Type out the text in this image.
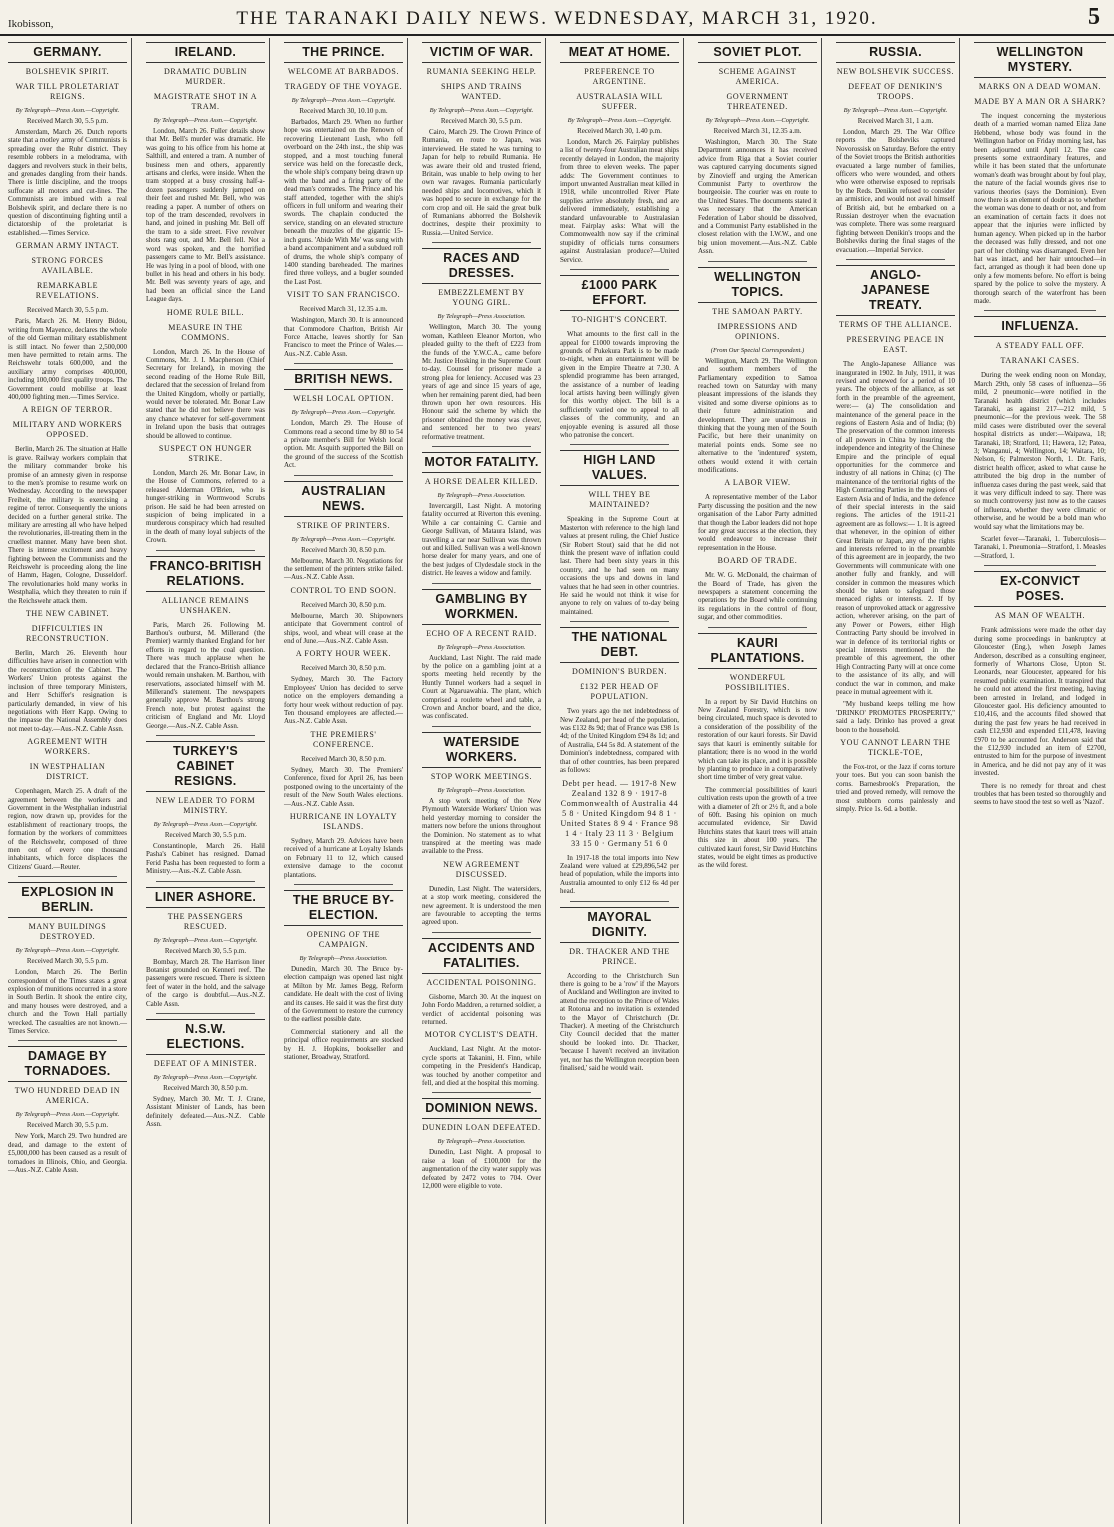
Ikobisson,	THE TARANAKI DAILY NEWS. WEDNESDAY, MARCH 31, 1920.	5
GERMANY.
BOLSHEVIK SPIRIT.
WAR TILL PROLETARIAT REIGNS.
By Telegraph—Press Assn.—Copyright.
Received March 30, 5.5 p.m.
Amsterdam, March 26. Dutch reports state that a motley army of Communists is spreading over the Ruhr district. They resemble robbers in a melodrama, with daggers and revolvers stuck in their belts, and grenades dangling from their hands. There is little discipline, and the troops suffocate all motors and cut-lines. The Communists are imbued with a real Bolshevik spirit, and declare there is no question of discontinuing fighting until a dictatorship of the proletariat is established.—Times Service.
GERMAN ARMY INTACT.
STRONG FORCES AVAILABLE.
REMARKABLE REVELATIONS.
Received March 30, 5.5 p.m.
Paris, March 26. M. Henry Bidou, writing from Mayence, declares the whole of the old German military establishment is still intact. No fewer than 2,500,000 men have permitted to retain arms. The Reichswehr totals 600,000, and the auxiliary army comprises 400,000, including 100,000 first quality troops. The Government could mobilise at least 400,000 fighting men.—Times Service.
A REIGN OF TERROR.
MILITARY AND WORKERS OPPOSED.
Berlin, March 26. The situation at Halle is grave. Railway workers complain that the military commander broke his promise of an amnesty given in response to the men's promise to resume work on Wednesday. According to the newspaper Freiheit, the military is exercising a regime of terror. Consequently the unions decided on a further general strike. The military are arresting all who have helped the revolutionaries, ill-treating them in the cruellest manner. Many have been shot. There is intense excitement and heavy fighting between the Communists and the Reichswehr is proceeding along the line of Hamm, Hagen, Cologne, Dusseldorf. The revolutionaries hold many works in Westphalia, which they threaten to ruin if the Reichswehr attack them.
THE NEW CABINET.
DIFFICULTIES IN RECONSTRUCTION.
Berlin, March 26. Eleventh hour difficulties have arisen in connection with the reconstruction of the Cabinet. The Workers' Union protests against the inclusion of three temporary Ministers, and Herr Schiffer's resignation is particularly demanded, in view of his negotiations with Herr Kapp. Owing to the impasse the National Assembly does not meet to-day.—Aus.-N.Z. Cable Assn.
AGREEMENT WITH WORKERS.
IN WESTPHALIAN DISTRICT.
Copenhagen, March 25. A draft of the agreement between the workers and Government in the Westphalian industrial region, now drawn up, provides for the establishment of reactionary troops, the formation by the workers of committees of the Reichswehr, composed of three men out of every one thousand inhabitants, which force displaces the Citizens' Guard.—Reuter.
EXPLOSION IN BERLIN.
MANY BUILDINGS DESTROYED.
By Telegraph—Press Assn.—Copyright.
Received March 30, 5.5 p.m.
London, March 26. The Berlin correspondent of the Times states a great explosion of munitions occurred in a store in South Berlin. It shook the entire city, and many houses were destroyed, and a church and the Town Hall partially wrecked. The casualties are not known.—Times Service.
DAMAGE BY TORNADOES.
TWO HUNDRED DEAD IN AMERICA.
By Telegraph—Press Assn.—Copyright.
Received March 30, 5.5 p.m.
New York, March 29. Two hundred are dead, and damage to the extent of £5,000,000 has been caused as a result of tornadoes in Illinois, Ohio, and Georgia.—Aus.-N.Z. Cable Assn.
IRELAND.
DRAMATIC DUBLIN MURDER.
MAGISTRATE SHOT IN A TRAM.
By Telegraph—Press Assn.—Copyright.
London, March 26. Fuller details show that Mr. Bell's murder was dramatic. He was going to his office from his home at Salthill, and entered a tram. A number of business men and others, apparently artisans and clerks, were inside. When the tram stopped at a busy crossing half-a-dozen passengers suddenly jumped on their feet and rushed Mr. Bell, who was reading a paper. A number of others on top of the tram descended, revolvers in hand, and joined in pushing Mr. Bell off the tram to a side street. Five revolver shots rang out, and Mr. Bell fell. Not a word was spoken, and the horrified passengers came to Mr. Bell's assistance. He was lying in a pool of blood, with one bullet in his head and others in his body. Mr. Bell was seventy years of age, and had been an official since the Land League days.
HOME RULE BILL.
MEASURE IN THE COMMONS.
London, March 26. In the House of Commons, Mr. J. I. Macpherson (Chief Secretary for Ireland), in moving the second reading of the Home Rule Bill, declared that the secession of Ireland from the United Kingdom, wholly or partially, would never be tolerated. Mr. Bonar Law stated that he did not believe there was any chance whatever for self-government in Ireland upon the basis that outrages should be allowed to continue.
SUSPECT ON HUNGER STRIKE.
London, March 26. Mr. Bonar Law, in the House of Commons, referred to a released Alderman O'Brien, who is hunger-striking in Wormwood Scrubs prison. He said he had been arrested on suspicion of being implicated in a murderous conspiracy which had resulted in the death of many loyal subjects of the Crown.
FRANCO-BRITISH RELATIONS.
ALLIANCE REMAINS UNSHAKEN.
Paris, March 26. Following M. Barthou's outburst, M. Millerand (the Premier) warmly thanked England for her efforts in regard to the coal question. There was much applause when he declared that the Franco-British alliance would remain unshaken. M. Barthou, with reservations, associated himself with M. Millerand's statement. The newspapers generally approve M. Barthou's strong French note, but protest against the criticism of England and Mr. Lloyd George.—Aus.-N.Z. Cable Assn.
TURKEY'S CABINET RESIGNS.
NEW LEADER TO FORM MINISTRY.
By Telegraph—Press Assn.—Copyright.
Received March 30, 5.5 p.m.
Constantinople, March 26. Halil Pasha's Cabinet has resigned. Damad Ferid Pasha has been requested to form a Ministry.—Aus.-N.Z. Cable Assn.
LINER ASHORE.
THE PASSENGERS RESCUED.
By Telegraph—Press Assn.—Copyright.
Received March 30, 5.5 p.m.
Bombay, March 28. The Harrison liner Botanist grounded on Kenneri reef. The passengers were rescued. There is sixteen feet of water in the hold, and the salvage of the cargo is doubtful.—Aus.-N.Z. Cable Assn.
N.S.W. ELECTIONS.
DEFEAT OF A MINISTER.
By Telegraph—Press Assn.—Copyright.
Received March 30, 8.50 p.m.
Sydney, March 30. Mr. T. J. Crane, Assistant Minister of Lands, has been definitely defeated.—Aus.-N.Z. Cable Assn.
THE PRINCE.
WELCOME AT BARBADOS.
TRAGEDY OF THE VOYAGE.
By Telegraph—Press Assn.—Copyright.
Received March 30, 10.10 p.m.
Barbados, March 29. When no further hope was entertained on the Renown of recovering Lieutenant Lush, who fell overboard on the 24th inst., the ship was stopped, and a most touching funeral service was held on the forecastle deck, the whole ship's company being drawn up with the band and a firing party of the dead man's comrades. The Prince and his staff attended, together with the ship's officers in full uniform and wearing their swords. The chaplain conducted the service, standing on an elevated structure beneath the muzzles of the gigantic 15-inch guns. 'Abide With Me' was sung with a band accompaniment and a subdued roll of drums, the whole ship's company of 1400 standing bareheaded. The marines fired three volleys, and a bugler sounded the Last Post.
VISIT TO SAN FRANCISCO.
Received March 31, 12.35 a.m.
Washington, March 30. It is announced that Commodore Charlton, British Air Force Attache, leaves shortly for San Francisco to meet the Prince of Wales.—Aus.-N.Z. Cable Assn.
BRITISH NEWS.
WELSH LOCAL OPTION.
By Telegraph—Press Assn.—Copyright.
London, March 29. The House of Commons read a second time by 80 to 54 a private member's Bill for Welsh local option. Mr. Asquith supported the Bill on the ground of the success of the Scottish Act.
AUSTRALIAN NEWS.
STRIKE OF PRINTERS.
By Telegraph—Press Assn.—Copyright.
Received March 30, 8.50 p.m.
Melbourne, March 30. Negotiations for the settlement of the printers strike failed.—Aus.-N.Z. Cable Assn.
CONTROL TO END SOON.
Received March 30, 8.50 p.m.
Melbourne, March 30. Shipowners anticipate that Government control of ships, wool, and wheat will cease at the end of June.—Aus.-N.Z. Cable Assn.
A FORTY HOUR WEEK.
Received March 30, 8.50 p.m.
Sydney, March 30. The Factory Employees' Union has decided to serve notice on the employers demanding a forty hour week without reduction of pay. Ten thousand employees are affected.—Aus.-N.Z. Cable Assn.
THE PREMIERS' CONFERENCE.
Received March 30, 8.50 p.m.
Sydney, March 30. The Premiers' Conference, fixed for April 26, has been postponed owing to the uncertainty of the result of the New South Wales elections.—Aus.-N.Z. Cable Assn.
HURRICANE IN LOYALTY ISLANDS.
Sydney, March 29. Advices have been received of a hurricane at Loyalty Islands on February 11 to 12, which caused extensive damage to the coconut plantations.
THE BRUCE BY-ELECTION.
OPENING OF THE CAMPAIGN.
By Telegraph—Press Association.
Dunedin, March 30. The Bruce by-election campaign was opened last night at Milton by Mr. James Begg, Reform candidate. He dealt with the cost of living and its causes. He said it was the first duty of the Government to restore the currency to the earliest possible date.
Commercial stationery and all the principal office requirements are stocked by H. J. Hopkins, bookseller and stationer, Broadway, Stratford.
VICTIM OF WAR.
RUMANIA SEEKING HELP.
SHIPS AND TRAINS WANTED.
By Telegraph—Press Assn.—Copyright.
Received March 30, 5.5 p.m.
Cairo, March 29. The Crown Prince of Rumania, en route to Japan, was interviewed. He stated he was turning to Japan for help to rebuild Rumania. He was aware their old and trusted friend, Britain, was unable to help owing to her own war ravages. Rumania particularly needed ships and locomotives, which it was hoped to secure in exchange for the corn crop and oil. He said the great bulk of Rumanians abhorred the Bolshevik doctrines, despite their proximity to Russia.—United Service.
RACES AND DRESSES.
EMBEZZLEMENT BY YOUNG GIRL.
By Telegraph—Press Association.
Wellington, March 30. The young woman, Kathleen Eleanor Morton, who pleaded guilty to the theft of £223 from the funds of the Y.W.C.A., came before Mr. Justice Hosking in the Supreme Court to-day. Counsel for prisoner made a strong plea for leniency. Accused was 23 years of age and since 15 years of age, when her remaining parent died, had been thrown upon her own resources. His Honour said the scheme by which the prisoner obtained the money was clever, and sentenced her to two years' reformative treatment.
MOTOR FATALITY.
A HORSE DEALER KILLED.
By Telegraph—Press Association.
Invercargill, Last Night. A motoring fatality occurred at Riverton this evening. While a car containing C. Carnie and George Sullivan, of Mataura Island, was travelling a car near Sullivan was thrown out and killed. Sullivan was a well-known horse dealer for many years, and one of the best judges of Clydesdale stock in the district. He leaves a widow and family.
GAMBLING BY WORKMEN.
ECHO OF A RECENT RAID.
By Telegraph—Press Association.
Auckland, Last Night. The raid made by the police on a gambling joint at a sports meeting held recently by the Huntly Tunnel workers had a sequel in Court at Ngaruawahia. The plant, which comprised a roulette wheel and table, a Crown and Anchor board, and the dice, was confiscated.
WATERSIDE WORKERS.
STOP WORK MEETINGS.
By Telegraph—Press Association.
A stop work meeting of the New Plymouth Waterside Workers' Union was held yesterday morning to consider the matters now before the unions throughout the Dominion. No statement as to what transpired at the meeting was made available to the Press.
NEW AGREEMENT DISCUSSED.
Dunedin, Last Night. The watersiders, at a stop work meeting, considered the new agreement. It is understood the men are favourable to accepting the terms agreed upon.
ACCIDENTS AND FATALITIES.
ACCIDENTAL POISONING.
Gisborne, March 30. At the inquest on John Fordo Maddren, a returned soldier, a verdict of accidental poisoning was returned.
MOTOR CYCLIST'S DEATH.
Auckland, Last Night. At the motor-cycle sports at Takanini, H. Finn, while competing in the President's Handicap, was touched by another competitor and fell, and died at the hospital this morning.
DOMINION NEWS.
DUNEDIN LOAN DEFEATED.
By Telegraph—Press Association.
Dunedin, Last Night. A proposal to raise a loan of £100,000 for the augmentation of the city water supply was defeated by 2472 votes to 704. Over 12,000 were eligible to vote.
MEAT AT HOME.
PREFERENCE TO ARGENTINE.
AUSTRALASIA WILL SUFFER.
By Telegraph—Press Assn.—Copyright.
Received March 30, 1.40 p.m.
London, March 26. Fairplay publishes a list of twenty-four Australian meat ships recently delayed in London, the majority from three to eleven weeks. The paper adds: The Government continues to import unwanted Australian meat killed in 1918, while uncontrolled River Plate supplies arrive absolutely fresh, and are delivered immediately, establishing a standard unfavourable to Australasian meat. Fairplay asks: What will the Commonwealth now say if the criminal stupidity of officials turns consumers against Australasian produce?—United Service.
£1000 PARK EFFORT.
TO-NIGHT'S CONCERT.
What amounts to the first call in the appeal for £1000 towards improving the grounds of Pukekura Park is to be made to-night, when an entertainment will be given in the Empire Theatre at 7.30. A splendid programme has been arranged, the assistance of a number of leading local artists having been willingly given for this worthy object. The bill is a sufficiently varied one to appeal to all classes of the community, and an enjoyable evening is assured all those who patronise the concert.
HIGH LAND VALUES.
WILL THEY BE MAINTAINED?
Speaking in the Supreme Court at Masterton with reference to the high land values at present ruling, the Chief Justice (Sir Robert Stout) said that he did not think the present wave of inflation could last. There had been sixty years in this country, and he had seen on many occasions the ups and downs in land values that he had seen in other countries. He said he would not think it wise for anyone to rely on values of to-day being maintained.
THE NATIONAL DEBT.
DOMINION'S BURDEN.
£132 PER HEAD OF POPULATION.
Two years ago the net indebtedness of New Zealand, per head of the population, was £132 8s 9d; that of France was £98 1s 4d; of the United Kingdom £94 8s 1d; and of Australia, £44 5s 8d. A statement of the Dominion's indebtedness, compared with that of other countries, has been prepared as follows:
Debt per head. — 1917-8 New Zealand 132 8 9 · 1917-8 Commonwealth of Australia 44 5 8 · United Kingdom 94 8 1 · United States 8 9 4 · France 98 1 4 · Italy 23 11 3 · Belgium 33 15 0 · Germany 51 6 0
In 1917-18 the total imports into New Zealand were valued at £29,896,542 per head of population, while the imports into Australia amounted to only £12 6s 4d per head.
MAYORAL DIGNITY.
DR. THACKER AND THE PRINCE.
According to the Christchurch Sun there is going to be a 'row' if the Mayors of Auckland and Wellington are invited to attend the reception to the Prince of Wales at Rotorua and no invitation is extended to the Mayor of Christchurch (Dr. Thacker). A meeting of the Christchurch City Council decided that the matter should be looked into. Dr. Thacker, 'because I haven't received an invitation yet, nor has the Wellington reception been finalised,' said he would wait.
SOVIET PLOT.
SCHEME AGAINST AMERICA.
GOVERNMENT THREATENED.
By Telegraph—Press Assn.—Copyright.
Received March 31, 12.35 a.m.
Washington, March 30. The State Department announces it has received advice from Riga that a Soviet courier was captured carrying documents signed by Zinovieff and urging the American Communist Party to overthrow the bourgeoisie. The courier was en route to the United States. The documents stated it was necessary that the American Federation of Labor should be dissolved, and a Communist Party established in the closest relation with the I.W.W., and one big union movement.—Aus.-N.Z. Cable Assn.
WELLINGTON TOPICS.
THE SAMOAN PARTY.
IMPRESSIONS AND OPINIONS.
(From Our Special Correspondent.)
Wellington, March 29. The Wellington and southern members of the Parliamentary expedition to Samoa reached town on Saturday with many pleasant impressions of the islands they visited and some diverse opinions as to their future administration and development. They are unanimous in thinking that the young men of the South Pacific, but here their unanimity on material points ends. Some see no alternative to the 'indentured' system, others would extend it with certain modifications.
A LABOR VIEW.
A representative member of the Labor Party discussing the position and the new organisation of the Labor Party admitted that though the Labor leaders did not hope for any great success at the election, they would endeavour to increase their representation in the House.
BOARD OF TRADE.
Mr. W. G. McDonald, the chairman of the Board of Trade, has given the newspapers a statement concerning the operations by the Board while continuing its regulations in the control of flour, sugar, and other commodities.
KAURI PLANTATIONS.
WONDERFUL POSSIBILITIES.
In a report by Sir David Hutchins on New Zealand Forestry, which is now being circulated, much space is devoted to a consideration of the possibility of the restoration of our kauri forests. Sir David says that kauri is eminently suitable for plantation; there is no wood in the world which can take its place, and it is possible by planting to produce in a comparatively short time timber of very great value.
The commercial possibilities of kauri cultivation rests upon the growth of a tree with a diameter of 2ft or 2½ ft, and a bole of 60ft. Basing his opinion on much accumulated evidence, Sir David Hutchins states that kauri trees will attain this size in about 100 years. The cultivated kauri forest, Sir David Hutchins states, would be eight times as productive as the wild forest.
RUSSIA.
NEW BOLSHEVIK SUCCESS.
DEFEAT OF DENIKIN'S TROOPS.
By Telegraph—Press Assn.—Copyright.
Received March 31, 1 a.m.
London, March 29. The War Office reports the Bolsheviks captured Novorossisk on Saturday. Before the entry of the Soviet troops the British authorities evacuated a large number of families, officers who were wounded, and others who were otherwise exposed to reprisals by the Reds. Denikin refused to consider an armistice, and would not avail himself of British aid, but he embarked on a Russian destroyer when the evacuation was complete. There was some rearguard fighting between Denikin's troops and the Bolsheviks during the final stages of the evacuation.—Imperial Service.
ANGLO-JAPANESE TREATY.
TERMS OF THE ALLIANCE.
PRESERVING PEACE IN EAST.
The Anglo-Japanese Alliance was inaugurated in 1902. In July, 1911, it was revised and renewed for a period of 10 years. The objects of the alliance, as set forth in the preamble of the agreement, were:— (a) The consolidation and maintenance of the general peace in the regions of Eastern Asia and of India; (b) The preservation of the common interests of all powers in China by insuring the independence and integrity of the Chinese Empire and the principle of equal opportunities for the commerce and industry of all nations in China; (c) The maintenance of the territorial rights of the High Contracting Parties in the regions of Eastern Asia and of India, and the defence of their special interests in the said regions. The articles of the 1911-21 agreement are as follows:— 1. It is agreed that whenever, in the opinion of either Great Britain or Japan, any of the rights and interests referred to in the preamble of this agreement are in jeopardy, the two Governments will communicate with one another fully and frankly, and will consider in common the measures which should be taken to safeguard those menaced rights or interests. 2. If by reason of unprovoked attack or aggressive action, wherever arising, on the part of any Power or Powers, either High Contracting Party should be involved in war in defence of its territorial rights or special interests mentioned in the preamble of this agreement, the other High Contracting Party will at once come to the assistance of its ally, and will conduct the war in common, and make peace in mutual agreement with it.
"My husband keeps telling me how 'DRINKO' PROMOTES PROSPERITY," said a lady. Drinko has proved a great boon to the household.
YOU CANNOT LEARN THE TICKLE-TOE,
the Fox-trot, or the Jazz if corns torture your toes. But you can soon banish the corns. Barnesbrook's Preparation, the tried and proved remedy, will remove the most stubborn corns painlessly and simply. Price 1s. 6d. a bottle.
WELLINGTON MYSTERY.
MARKS ON A DEAD WOMAN.
MADE BY A MAN OR A SHARK?
The inquest concerning the mysterious death of a married woman named Eliza Jane Hebbend, whose body was found in the Wellington harbor on Friday morning last, has been adjourned until April 12. The case presents some extraordinary features, and while it has been stated that the unfortunate woman's death was brought about by foul play, the nature of the facial wounds gives rise to various theories (says the Dominion). Even now there is an element of doubt as to whether the woman was done to death or not, and from an examination of certain facts it does not appear that the injuries were inflicted by human agency. When picked up in the harbor the deceased was fully dressed, and not one part of her clothing was disarranged. Even her hat was intact, and her hair untouched—in fact, arranged as though it had been done up only a few moments before. No effort is being spared by the police to solve the mystery. A thorough search of the waterfront has been made.
INFLUENZA.
A STEADY FALL OFF.
TARANAKI CASES.
During the week ending noon on Monday, March 29th, only 58 cases of influenza—56 mild, 2 pneumonic—were notified in the Taranaki health district (which includes Taranaki, as against 217—212 mild, 5 pneumonic—for the previous week. The 58 mild cases were distributed over the several hospital districts as under:—Waipawa, 18; Taranaki, 18; Stratford, 11; Hawera, 12; Patea, 3; Wanganui, 4; Wellington, 14; Waitara, 10; Nelson, 6; Palmerston North, 1. Dr. Faris, district health officer, asked to what cause he attributed the big drop in the number of influenza cases during the past week, said that it was very difficult indeed to say. There was so much controversy just now as to the causes of influenza, whether they were climatic or otherwise, and he would be a bold man who would say what the limitations may be.
Scarlet fever—Taranaki, 1. Tuberculosis—Taranaki, 1. Pneumonia—Stratford, 1. Measles—Stratford, 1.
EX-CONVICT POSES.
AS MAN OF WEALTH.
Frank admissions were made the other day during some proceedings in bankruptcy at Gloucester (Eng.), when Joseph James Anderson, described as a consulting engineer, formerly of Whartons Close, Upton St. Leonards, near Gloucester, appeared for his resumed public examination. It transpired that he could not attend the first meeting, having been arrested in Ireland, and lodged in Gloucester gaol. His deficiency amounted to £10,416, and the accounts filed showed that during the past few years he had received in cash £12,930 and expended £11,478, leaving £970 to be accounted for. Anderson said that the £12,930 included an item of £2700, entrusted to him for the purpose of investment in America, and he did not pay any of it was invested.
There is no remedy for throat and chest troubles that has been tested so thoroughly and seems to have stood the test so well as 'Nazol'.
